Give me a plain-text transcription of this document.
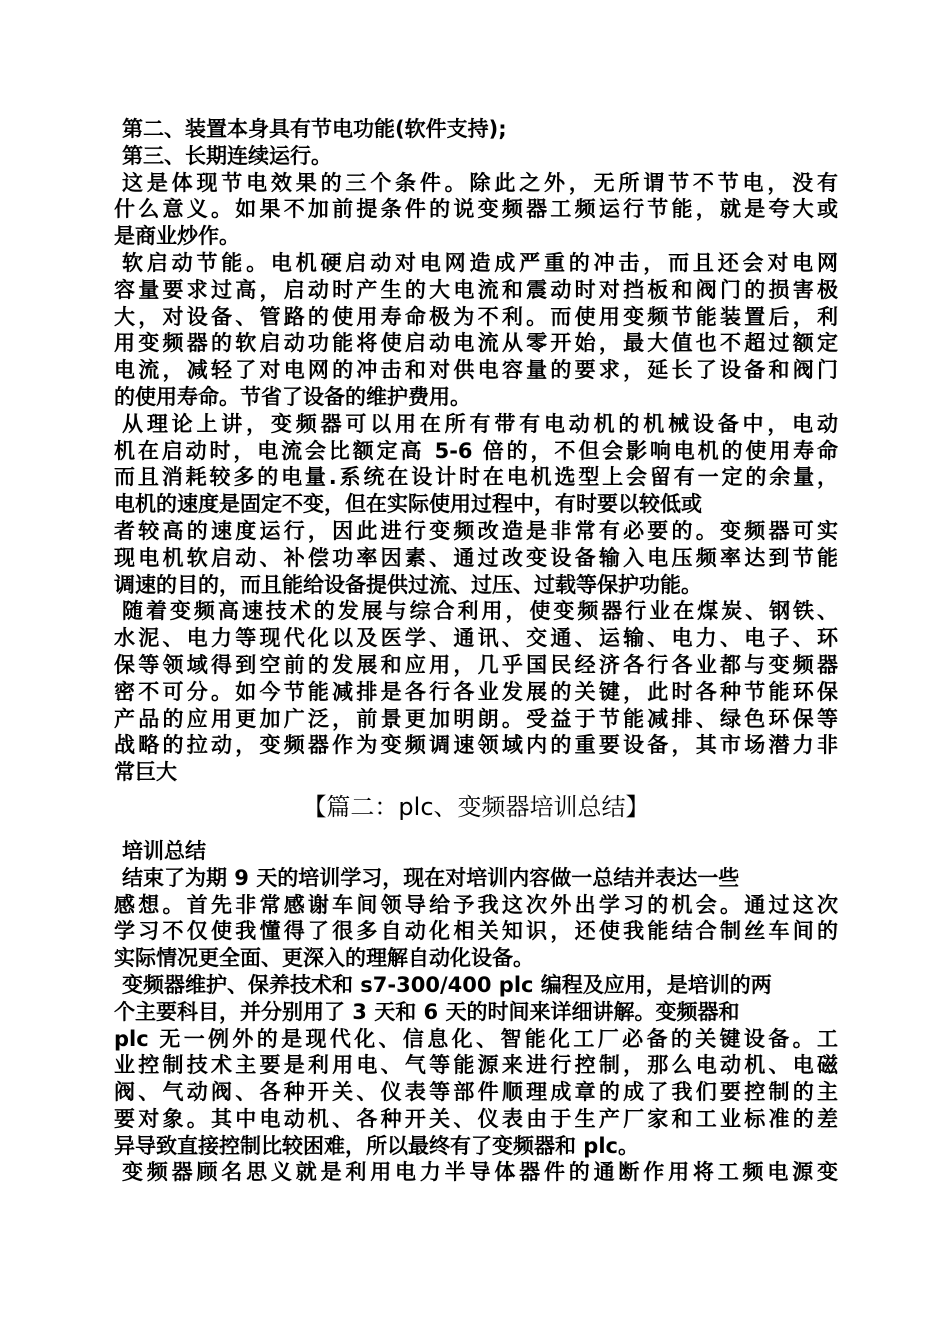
第二、装置本身具有节电功能(软件支持);
第三、长期连续运行。
这是体现节电效果的三个条件。除此之外，无所谓节不节电，没有
什么意义。如果不加前提条件的说变频器工频运行节能，就是夸大或
是商业炒作。
软启动节能。电机硬启动对电网造成严重的冲击，而且还会对电网
容量要求过高，启动时产生的大电流和震动时对挡板和阀门的损害极
大，对设备、管路的使用寿命极为不利。而使用变频节能装置后，利
用变频器的软启动功能将使启动电流从零开始，最大值也不超过额定
电流，减轻了对电网的冲击和对供电容量的要求，延长了设备和阀门
的使用寿命。节省了设备的维护费用。
从理论上讲，变频器可以用在所有带有电动机的机械设备中，电动
机在启动时，电流会比额定高 5-6 倍的，不但会影响电机的使用寿命
而且消耗较多的电量.系统在设计时在电机选型上会留有一定的余量，
电机的速度是固定不变，但在实际使用过程中，有时要以较低或
者较高的速度运行，因此进行变频改造是非常有必要的。变频器可实
现电机软启动、补偿功率因素、通过改变设备输入电压频率达到节能
调速的目的，而且能给设备提供过流、过压、过载等保护功能。
随着变频高速技术的发展与综合利用，使变频器行业在煤炭、钢铁、
水泥、电力等现代化以及医学、通讯、交通、运输、电力、电子、环
保等领域得到空前的发展和应用，几乎国民经济各行各业都与变频器
密不可分。如今节能减排是各行各业发展的关键，此时各种节能环保
产品的应用更加广泛，前景更加明朗。受益于节能减排、绿色环保等
战略的拉动，变频器作为变频调速领域内的重要设备，其市场潜力非
常巨大
【篇二：plc、变频器培训总结】
培训总结
结束了为期 9 天的培训学习，现在对培训内容做一总结并表达一些
感想。首先非常感谢车间领导给予我这次外出学习的机会。通过这次
学习不仅使我懂得了很多自动化相关知识，还使我能结合制丝车间的
实际情况更全面、更深入的理解自动化设备。
变频器维护、保养技术和 s7-300/400 plc 编程及应用，是培训的两
个主要科目，并分别用了 3 天和 6 天的时间来详细讲解。变频器和
plc 无一例外的是现代化、信息化、智能化工厂必备的关键设备。工
业控制技术主要是利用电、气等能源来进行控制，那么电动机、电磁
阀、气动阀、各种开关、仪表等部件顺理成章的成了我们要控制的主
要对象。其中电动机、各种开关、仪表由于生产厂家和工业标准的差
异导致直接控制比较困难，所以最终有了变频器和 plc。
变频器顾名思义就是利用电力半导体器件的通断作用将工频电源变
